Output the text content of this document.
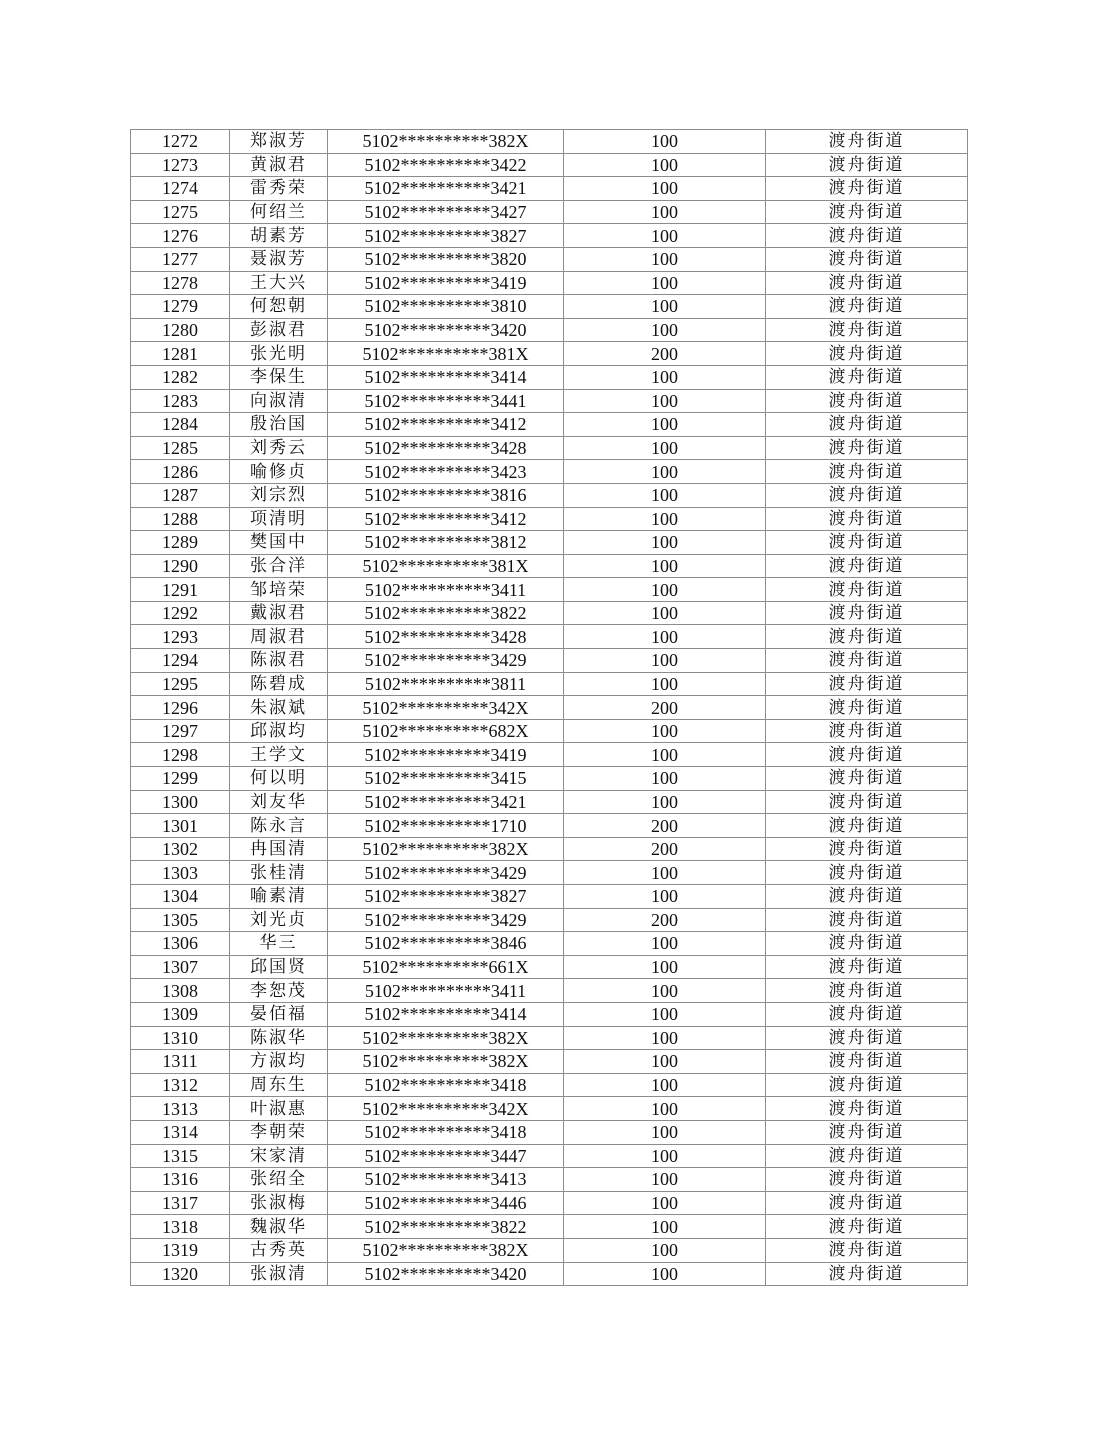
1272	郑淑芳	5102**********382X	100	渡舟街道
1273	黄淑君	5102**********3422	100	渡舟街道
1274	雷秀荣	5102**********3421	100	渡舟街道
1275	何绍兰	5102**********3427	100	渡舟街道
1276	胡素芳	5102**********3827	100	渡舟街道
1277	聂淑芳	5102**********3820	100	渡舟街道
1278	王大兴	5102**********3419	100	渡舟街道
1279	何恕朝	5102**********3810	100	渡舟街道
1280	彭淑君	5102**********3420	100	渡舟街道
1281	张光明	5102**********381X	200	渡舟街道
1282	李保生	5102**********3414	100	渡舟街道
1283	向淑清	5102**********3441	100	渡舟街道
1284	殷治国	5102**********3412	100	渡舟街道
1285	刘秀云	5102**********3428	100	渡舟街道
1286	喻修贞	5102**********3423	100	渡舟街道
1287	刘宗烈	5102**********3816	100	渡舟街道
1288	项清明	5102**********3412	100	渡舟街道
1289	樊国中	5102**********3812	100	渡舟街道
1290	张合洋	5102**********381X	100	渡舟街道
1291	邹培荣	5102**********3411	100	渡舟街道
1292	戴淑君	5102**********3822	100	渡舟街道
1293	周淑君	5102**********3428	100	渡舟街道
1294	陈淑君	5102**********3429	100	渡舟街道
1295	陈碧成	5102**********3811	100	渡舟街道
1296	朱淑斌	5102**********342X	200	渡舟街道
1297	邱淑均	5102**********682X	100	渡舟街道
1298	王学文	5102**********3419	100	渡舟街道
1299	何以明	5102**********3415	100	渡舟街道
1300	刘友华	5102**********3421	100	渡舟街道
1301	陈永言	5102**********1710	200	渡舟街道
1302	冉国清	5102**********382X	200	渡舟街道
1303	张桂清	5102**********3429	100	渡舟街道
1304	喻素清	5102**********3827	100	渡舟街道
1305	刘光贞	5102**********3429	200	渡舟街道
1306	华三	5102**********3846	100	渡舟街道
1307	邱国贤	5102**********661X	100	渡舟街道
1308	李恕茂	5102**********3411	100	渡舟街道
1309	晏佰福	5102**********3414	100	渡舟街道
1310	陈淑华	5102**********382X	100	渡舟街道
1311	方淑均	5102**********382X	100	渡舟街道
1312	周东生	5102**********3418	100	渡舟街道
1313	叶淑惠	5102**********342X	100	渡舟街道
1314	李朝荣	5102**********3418	100	渡舟街道
1315	宋家清	5102**********3447	100	渡舟街道
1316	张绍全	5102**********3413	100	渡舟街道
1317	张淑梅	5102**********3446	100	渡舟街道
1318	魏淑华	5102**********3822	100	渡舟街道
1319	古秀英	5102**********382X	100	渡舟街道
1320	张淑清	5102**********3420	100	渡舟街道
